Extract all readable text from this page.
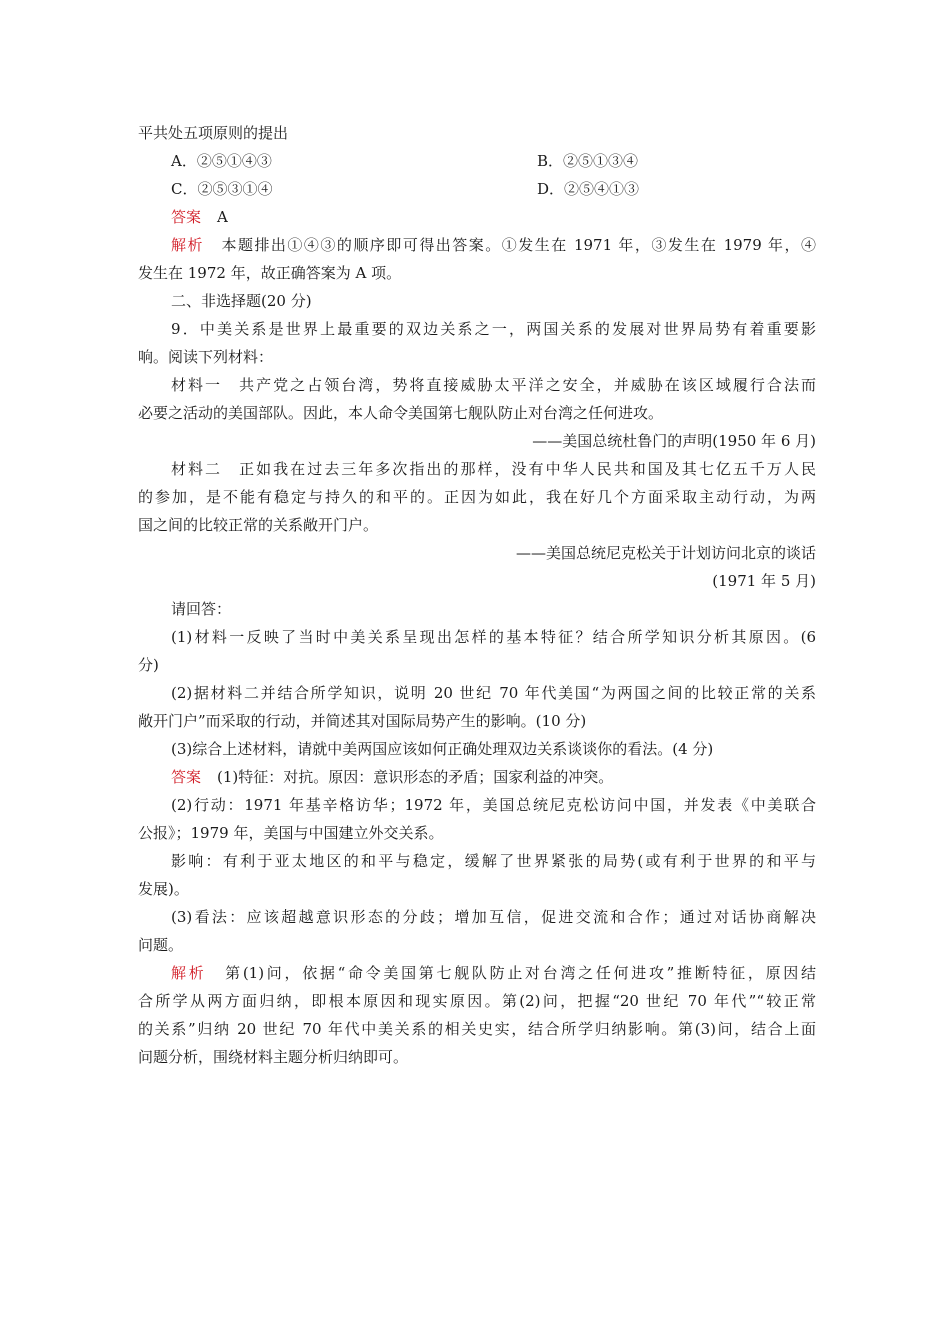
平共处五项原则的提出
A．②⑤①④③	B．②⑤①③④
C．②⑤③①④	D．②⑤④①③
答案 A
解析 本题排出①④③的顺序即可得出答案。①发生在 1971 年，③发生在 1979 年，④
发生在 1972 年，故正确答案为 A 项。
二、非选择题(20 分)
9．中美关系是世界上最重要的双边关系之一，两国关系的发展对世界局势有着重要影
响。阅读下列材料：
材料一　共产党之占领台湾，势将直接威胁太平洋之安全，并威胁在该区域履行合法而
必要之活动的美国部队。因此，本人命令美国第七舰队防止对台湾之任何进攻。
——美国总统杜鲁门的声明(1950 年 6 月)
材料二　正如我在过去三年多次指出的那样，没有中华人民共和国及其七亿五千万人民
的参加，是不能有稳定与持久的和平的。正因为如此，我在好几个方面采取主动行动，为两
国之间的比较正常的关系敞开门户。
——美国总统尼克松关于计划访问北京的谈话
(1971 年 5 月)
请回答：
(1)材料一反映了当时中美关系呈现出怎样的基本特征？结合所学知识分析其原因。(6
分)
(2)据材料二并结合所学知识，说明 20 世纪 70 年代美国“为两国之间的比较正常的关系
敞开门户”而采取的行动，并简述其对国际局势产生的影响。(10 分)
(3)综合上述材料，请就中美两国应该如何正确处理双边关系谈谈你的看法。(4 分)
答案 (1)特征：对抗。原因：意识形态的矛盾；国家利益的冲突。
(2)行动：1971 年基辛格访华；1972 年，美国总统尼克松访问中国，并发表《中美联合
公报》；1979 年，美国与中国建立外交关系。
影响：有利于亚太地区的和平与稳定，缓解了世界紧张的局势(或有利于世界的和平与
发展)。
(3)看法：应该超越意识形态的分歧；增加互信，促进交流和合作；通过对话协商解决
问题。
解析 第(1)问，依据“命令美国第七舰队防止对台湾之任何进攻”推断特征，原因结
合所学从两方面归纳，即根本原因和现实原因。第(2)问，把握“20 世纪 70 年代”“较正常
的关系”归纳 20 世纪 70 年代中美关系的相关史实，结合所学归纳影响。第(3)问，结合上面
问题分析，围绕材料主题分析归纳即可。
